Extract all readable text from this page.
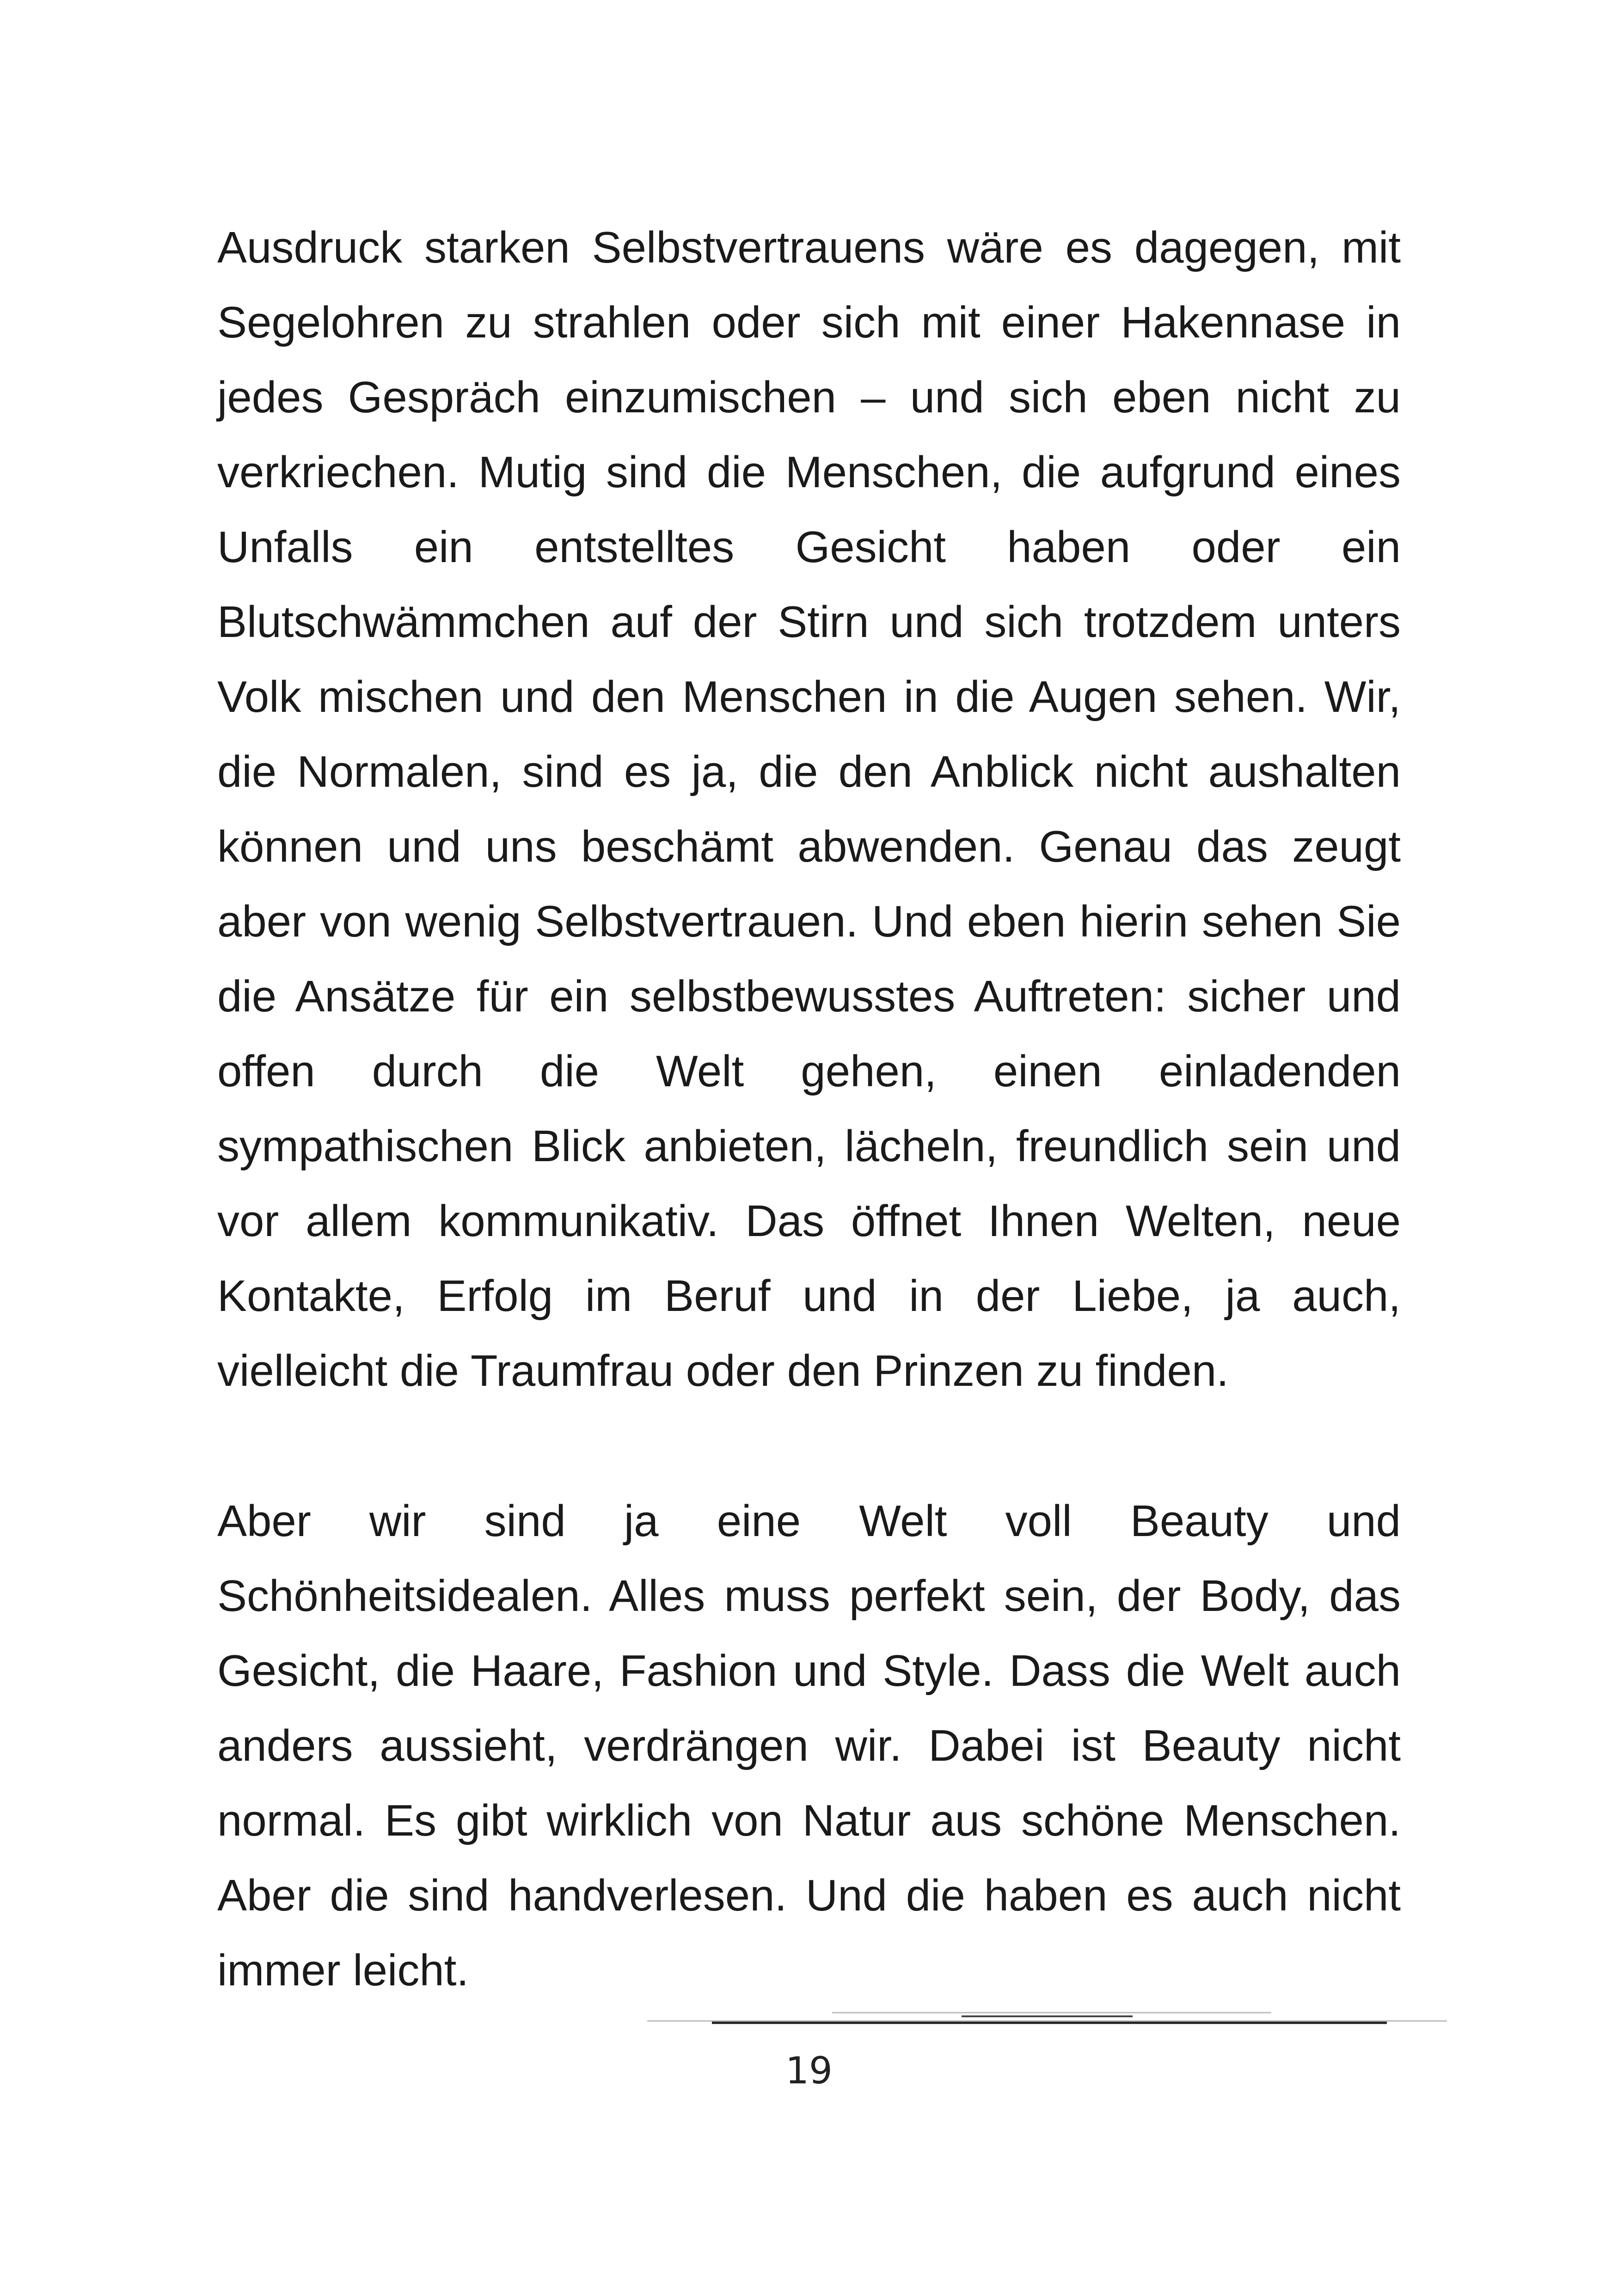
Ausdruck starken Selbstvertrauens wäre es dagegen, mit Segelohren zu strahlen oder sich mit einer Hakennase in jedes Gespräch einzumischen – und sich eben nicht zu verkriechen. Mutig sind die Menschen, die aufgrund eines Unfalls ein entstelltes Gesicht haben oder ein Blutschwämmchen auf der Stirn und sich trotzdem unters Volk mischen und den Menschen in die Augen sehen. Wir, die Normalen, sind es ja, die den Anblick nicht aushalten können und uns beschämt abwenden. Genau das zeugt aber von wenig Selbstvertrauen. Und eben hierin sehen Sie die Ansätze für ein selbstbewusstes Auftreten: sicher und offen durch die Welt gehen, einen einladenden sympathischen Blick anbieten, lächeln, freundlich sein und vor allem kommunikativ. Das öffnet Ihnen Welten, neue Kontakte, Erfolg im Beruf und in der Liebe, ja auch, vielleicht die Traumfrau oder den Prinzen zu finden.

Aber wir sind ja eine Welt voll Beauty und Schönheitsidealen. Alles muss perfekt sein, der Body, das Gesicht, die Haare, Fashion und Style. Dass die Welt auch anders aussieht, verdrängen wir. Dabei ist Beauty nicht normal. Es gibt wirklich von Natur aus schöne Menschen. Aber die sind handverlesen. Und die haben es auch nicht immer leicht.

19
